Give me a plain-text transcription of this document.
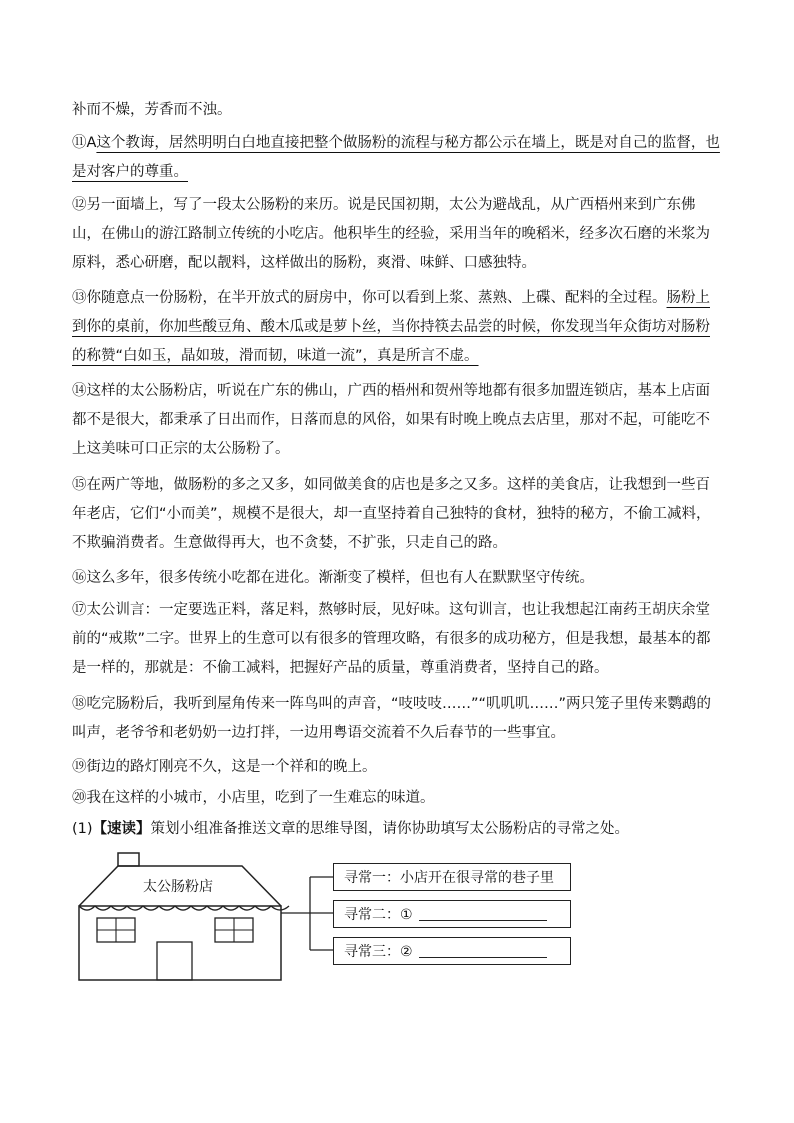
补而不燥，芳香而不浊。
⑪A这个教诲，居然明明白白地直接把整个做肠粉的流程与秘方都公示在墙上，既是对自己的监督，也是对客户的尊重。
⑫另一面墙上，写了一段太公肠粉的来历。说是民国初期，太公为避战乱，从广西梧州来到广东佛山，在佛山的游江路制立传统的小吃店。他积毕生的经验，采用当年的晚稻米，经多次石磨的米浆为原料，悉心研磨，配以靓料，这样做出的肠粉，爽滑、味鲜、口感独特。
⑬你随意点一份肠粉，在半开放式的厨房中，你可以看到上浆、蒸熟、上碟、配料的全过程。肠粉上到你的桌前，你加些酸豆角、酸木瓜或是萝卜丝，当你持筷去品尝的时候，你发现当年众街坊对肠粉的称赞“白如玉，晶如玻，滑而韧，味道一流”，真是所言不虚。
⑭这样的太公肠粉店，听说在广东的佛山，广西的梧州和贺州等地都有很多加盟连锁店，基本上店面都不是很大，都秉承了日出而作，日落而息的风俗，如果有时晚上晚点去店里，那对不起，可能吃不上这美味可口正宗的太公肠粉了。
⑮在两广等地，做肠粉的多之又多，如同做美食的店也是多之又多。这样的美食店，让我想到一些百年老店，它们“小而美”，规模不是很大，却一直坚持着自己独特的食材，独特的秘方，不偷工减料，不欺骗消费者。生意做得再大，也不贪婪，不扩张，只走自己的路。
⑯这么多年，很多传统小吃都在进化。渐渐变了模样，但也有人在默默坚守传统。
⑰太公训言：一定要选正料，落足料，熬够时辰，见好味。这句训言，也让我想起江南药王胡庆余堂前的“戒欺”二字。世界上的生意可以有很多的管理攻略，有很多的成功秘方，但是我想，最基本的都是一样的，那就是：不偷工减料，把握好产品的质量，尊重消费者，坚持自己的路。
⑱吃完肠粉后，我听到屋角传来一阵鸟叫的声音，“吱吱吱……”“叽叽叽……”两只笼子里传来鹦鹉的叫声，老爷爷和老奶奶一边打拌，一边用粤语交流着不久后春节的一些事宜。
⑲街边的路灯刚亮不久，这是一个祥和的晚上。
⑳我在这样的小城市，小店里，吃到了一生难忘的味道。
(1)【速读】策划小组准备推送文章的思维导图，请你协助填写太公肠粉店的寻常之处。
太公肠粉店
寻常一：小店开在很寻常的巷子里
寻常二：①
寻常三：②
